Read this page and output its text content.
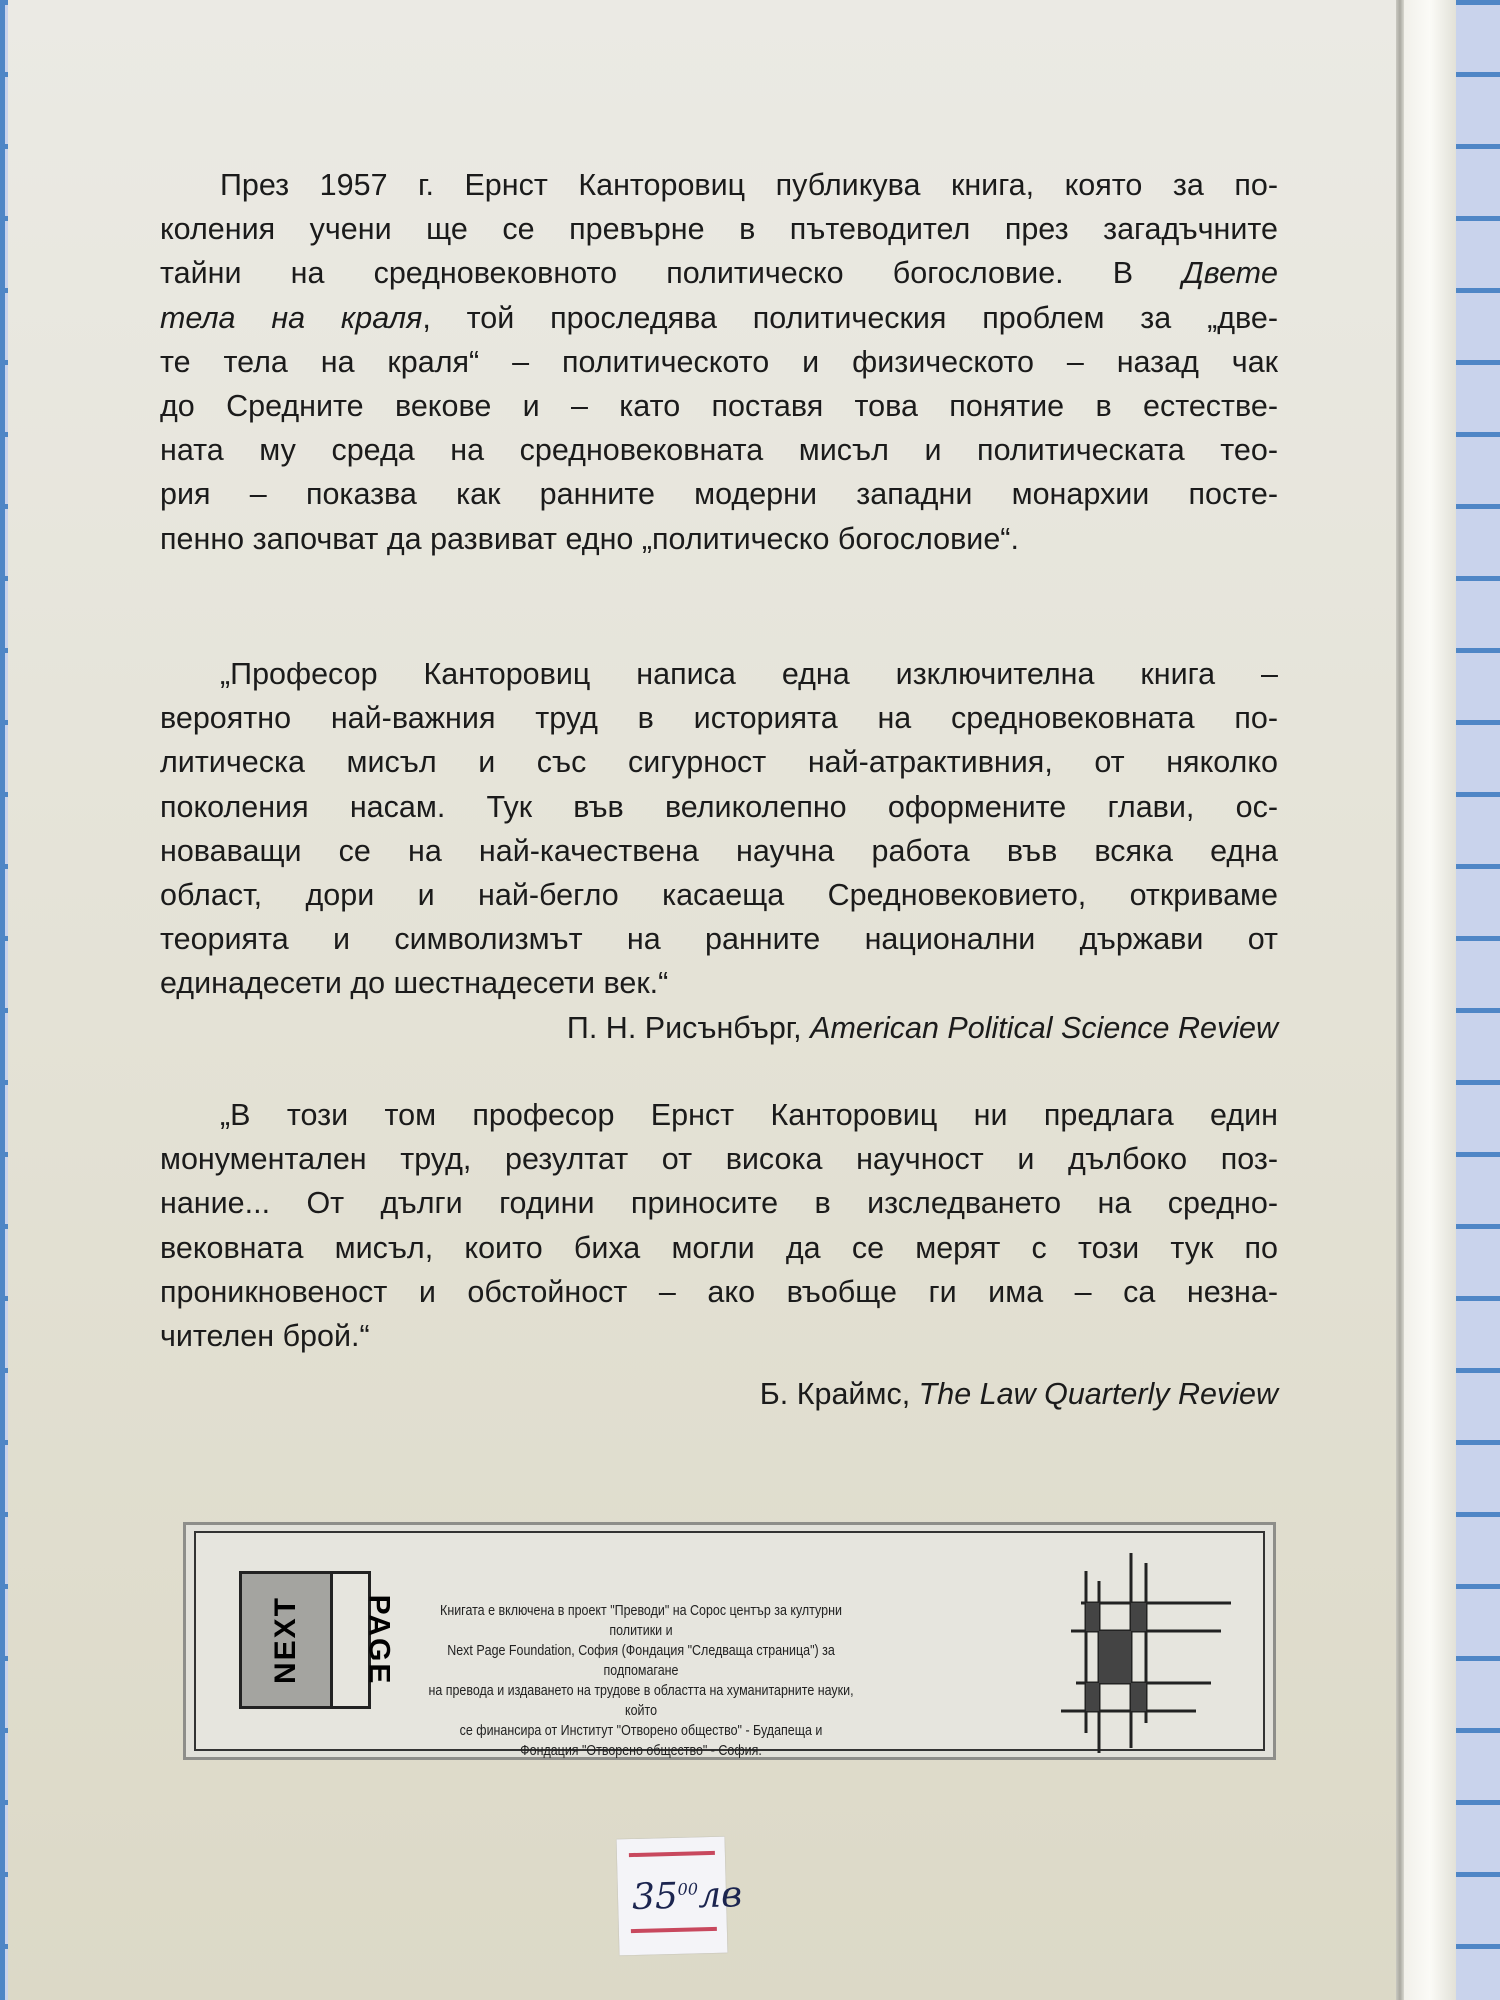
През 1957 г. Ернст Канторовиц публикува книга, която за по-
коления учени ще се превърне в пътеводител през загадъчните
тайни на средновековното политическо богословие. В Двете
тела на краля, той проследява политическия проблем за „две-
те тела на краля“ – политическото и физическото – назад чак
до Средните векове и – като поставя това понятие в естестве-
ната му среда на средновековната мисъл и политическата тео-
рия – показва как ранните модерни западни монархии посте-
пенно започват да развиват едно „политическо богословие“.
„Професор Канторовиц написа една изключителна книга –
вероятно най-важния труд в историята на средновековната по-
литическа мисъл и със сигурност най-атрактивния, от няколко
поколения насам. Тук във великолепно оформените глави, ос-
новаващи се на най-качествена научна работа във всяка една
област, дори и най-бегло касаеща Средновековието, откриваме
теорията и символизмът на ранните национални държави от
единадесети до шестнадесети век.“
П. Н. Рисънбърг, American Political Science Review
„В този том професор Ернст Канторовиц ни предлага един
монументален труд, резултат от висока научност и дълбоко поз-
нание... От дълги години приносите в изследването на средно-
вековната мисъл, които биха могли да се мерят с този тук по
проникновеност и обстойност – ако въобще ги има – са незна-
чителен брой.“
Б. Краймс, The Law Quarterly Review
NEXT PAGE	Книгата е включена в проект "Преводи" на Сорос център за културни политики и
Next Page Foundation, София (Фондация "Следваща страница") за подпомагане
на превода и издаването на трудове в областта на хуманитарните науки, който
се финансира от Институт "Отворено общество" - Будапеща и
Фондация "Отворено общество" - София.
$35^{00}лв$
